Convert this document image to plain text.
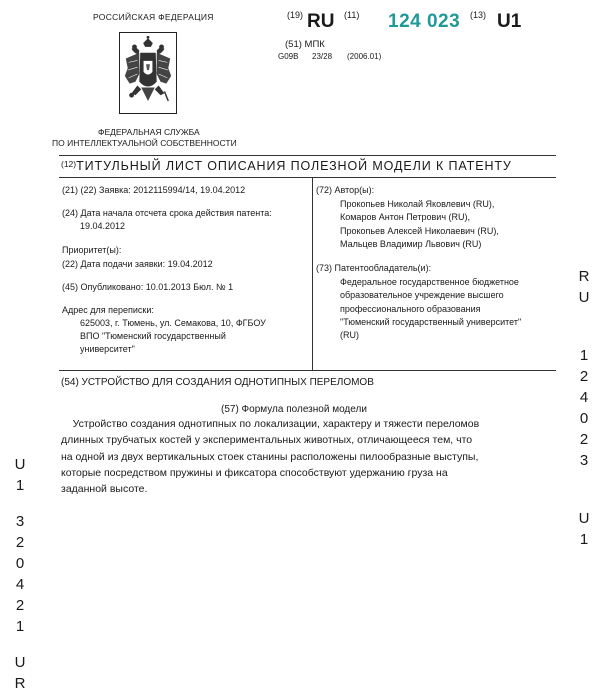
РОССИЙСКАЯ ФЕДЕРАЦИЯ
ФЕДЕРАЛЬНАЯ СЛУЖБА
ПО ИНТЕЛЛЕКТУАЛЬНОЙ СОБСТВЕННОСТИ
(19) RU (11) 124 023 (13) U1
(51) МПК
G09B 23/28 (2006.01)
$^{(12)}$ТИТУЛЬНЫЙ ЛИСТ ОПИСАНИЯ ПОЛЕЗНОЙ МОДЕЛИ К ПАТЕНТУ
(21) (22) Заявка: 2012115994/14, 19.04.2012
(24) Дата начала отсчета срока действия патента:
19.04.2012
Приоритет(ы):
(22) Дата подачи заявки: 19.04.2012
(45) Опубликовано: 10.01.2013 Бюл. № 1
Адрес для переписки:
625003, г. Тюмень, ул. Семакова, 10, ФГБОУ
ВПО "Тюменский государственный
университет"
(72) Автор(ы):
Прокопьев Николай Яковлевич (RU),
Комаров Антон Петрович (RU),
Прокопьев Алексей Николаевич (RU),
Мальцев Владимир Львович (RU)
(73) Патентообладатель(и):
Федеральное государственное бюджетное
образовательное учреждение высшего
профессионального образования
"Тюменский государственный университет"
(RU)
(54) УСТРОЙСТВО ДЛЯ СОЗДАНИЯ ОДНОТИПНЫХ ПЕРЕЛОМОВ
(57) Формула полезной модели
Устройство создания однотипных по локализации, характеру и тяжести переломов
длинных трубчатых костей у экспериментальных животных, отличающееся тем, что
на одной из двух вертикальных стоек станины расположены пилообразные выступы,
которые посредством пружины и фиксатора способствуют удержанию груза на
заданной высоте.
R
U
1
2
4
0
2
3
U
1
U
1
3
2
0
4
2
1
U
R
